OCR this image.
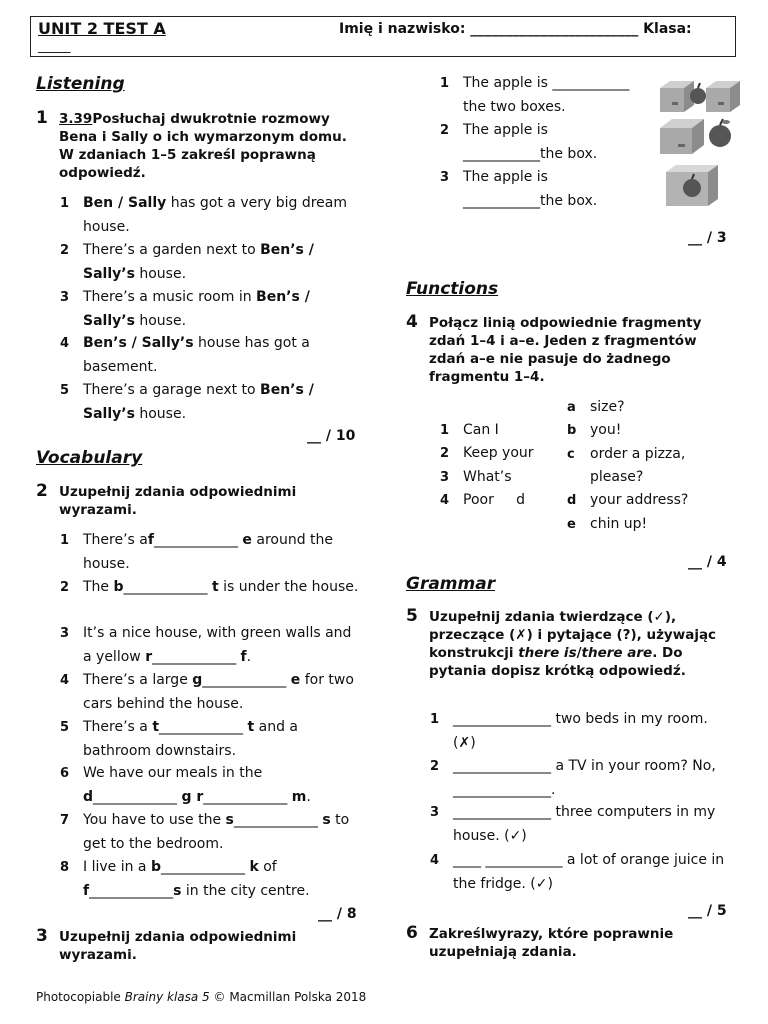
UNIT 2 TEST A	Imię i nazwisko: ________________________ Klasa:
_____
Listening
1 3.39Posłuchaj dwukrotnie rozmowy Bena i Sally o ich wymarzonym domu. W zdaniach 1–5 zakreśl poprawną odpowiedź.
1 Ben / Sally has got a very big dream house.
2 There’s a garden next to Ben’s / Sally’s house.
3 There’s a music room in Ben’s / Sally’s house.
4 Ben’s / Sally’s house has got a basement.
5 There’s a garage next to Ben’s / Sally’s house.
__ / 10
Vocabulary
2 Uzupełnij zdania odpowiednimi wyrazami.
1 There’s af____________ e around the house.
2 The b____________ t is under the house.
3 It’s a nice house, with green walls and a yellow r____________ f.
4 There’s a large g____________ e for two cars behind the house.
5 There’s a t____________ t and a bathroom downstairs.
6 We have our meals in the d____________ g r____________ m.
7 You have to use the s____________ s to get to the bedroom.
8 I live in a b____________ k of f____________s in the city centre.
__ / 8
3 Uzupełnij zdania odpowiednimi wyrazami.
1 The apple is ___________ the two boxes.
2 The apple is ___________the box.
3 The apple is ___________the box.
__ / 3
Functions
4 Połącz linią odpowiednie fragmenty zdań 1–4 i a–e. Jeden z fragmentów zdań a–e nie pasuje do żadnego fragmentu 1–4.
1 Can I
2 Keep your
3 What’s
4 Poor     d
a size?
b you!
c order a pizza,
please?
d your address?
e chin up!
__ / 4
Grammar
5 Uzupełnij zdania twierdzące (✓), przeczące (✗) i pytające (?), używając konstrukcji there is/there are. Do pytania dopisz krótką odpowiedź.
1 ______________ two beds in my room. (✗)
2 ______________ a TV in your room? No, ______________.
3 ______________ three computers in my house. (✓)
4 ____ ___________ a lot of orange juice in the fridge. (✓)
__ / 5
6 Zakreślwyrazy, które poprawnie uzupełniają zdania.
Photocopiable Brainy klasa 5 © Macmillan Polska 2018
